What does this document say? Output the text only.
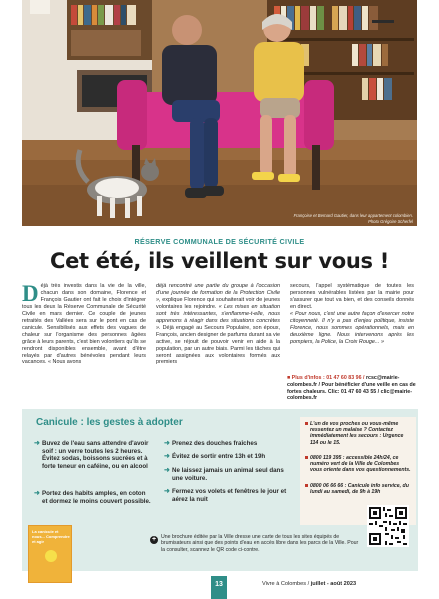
Françoise et Bernard Gautier, dans leur appartement colombien.
Photo Grégoire Scherfel
RÉSERVE COMMUNALE DE SÉCURITÉ CIVILE
Cet été, ils veillent sur vous !

Déjà très investis dans la vie de la ville, chacun dans son domaine, Florence et François Gautier ont fait le choix d'intégrer tous les deux la Réserve Communale de Sécurité Civile en mars dernier. Ce couple de jeunes retraités des Vallées sera sur le pont en cas de canicule. Sensibilisés aux effets des vagues de chaleur sur l'organisme des personnes âgées grâce à leurs parents, c'est bien volontiers qu'ils se rendront disponibles ensemble, avant d'être relayés par d'autres bénévoles pendant leurs vacances. « Nous avons

déjà rencontré une partie du groupe à l'occasion d'une journée de formation de la Protection Civile », explique Florence qui souhaiterait voir de jeunes volontaires les rejoindre. « Les mises en situation sont très intéressantes, s'enflamme-t-elle, nous apprenons à réagir dans des situations concrètes ». Déjà engagé au Secours Populaire, son époux, François, ancien designer de parfums durant sa vie active, se réjouit de pouvoir venir en aide à la population, par un autre biais. Parmi les tâches qui seront assignées aux volontaires formés aux premiers

secours, l'appel systématique de toutes les personnes vulnérables listées par la mairie pour s'assurer que tout va bien, et des conseils donnés en direct.

« Pour nous, c'est une autre façon d'exercer notre citoyenneté. Il n'y a pas d'enjeu politique, insiste Florence, nous sommes opérationnels, mais en deuxième ligne. Nous intervenons après les pompiers, la Police, la Croix Rouge... »

■ Plus d'infos : 01 47 60 83 96 / rcsc@mairie-colombes.fr / Pour bénéficier d'une veille en cas de fortes chaleurs. Clic: 01 47 60 43 55 / clic@mairie-colombes.fr
Canicule : les gestes à adopter
➜ Buvez de l'eau sans attendre d'avoir soif : un verre toutes les 2 heures. Évitez sodas, boissons sucrées et à forte teneur en caféine, ou en alcool
➜ Portez des habits amples, en coton et dormez le moins couvert possible.
➜ Prenez des douches fraîches
➜ Évitez de sortir entre 13h et 19h
➜ Ne laissez jamais un animal seul dans une voiture.
➜ Fermez vos volets et fenêtres le jour et aérez la nuit
La canicule et nous... Comprendre et agir
L'un de vos proches ou vous-même ressentez un malaise ? Contactez immédiatement les secours : Urgence 114 ou le 15.
0800 119 395 : accessible 24h/24, ce numéro vert de la Ville de Colombes vous oriente dans vos questionnements.
0800 06 66 66 : Canicule info service, du lundi au samedi, de 9h à 19h
+ Une brochure éditée par la Ville dresse une carte de tous les sites équipés de brumisateurs ainsi que des points d'eau en accès libre dans les parcs de la Ville. Pour la consulter, scannez le QR code ci-contre.
13	Vivre à Colombes / juillet - août 2023
